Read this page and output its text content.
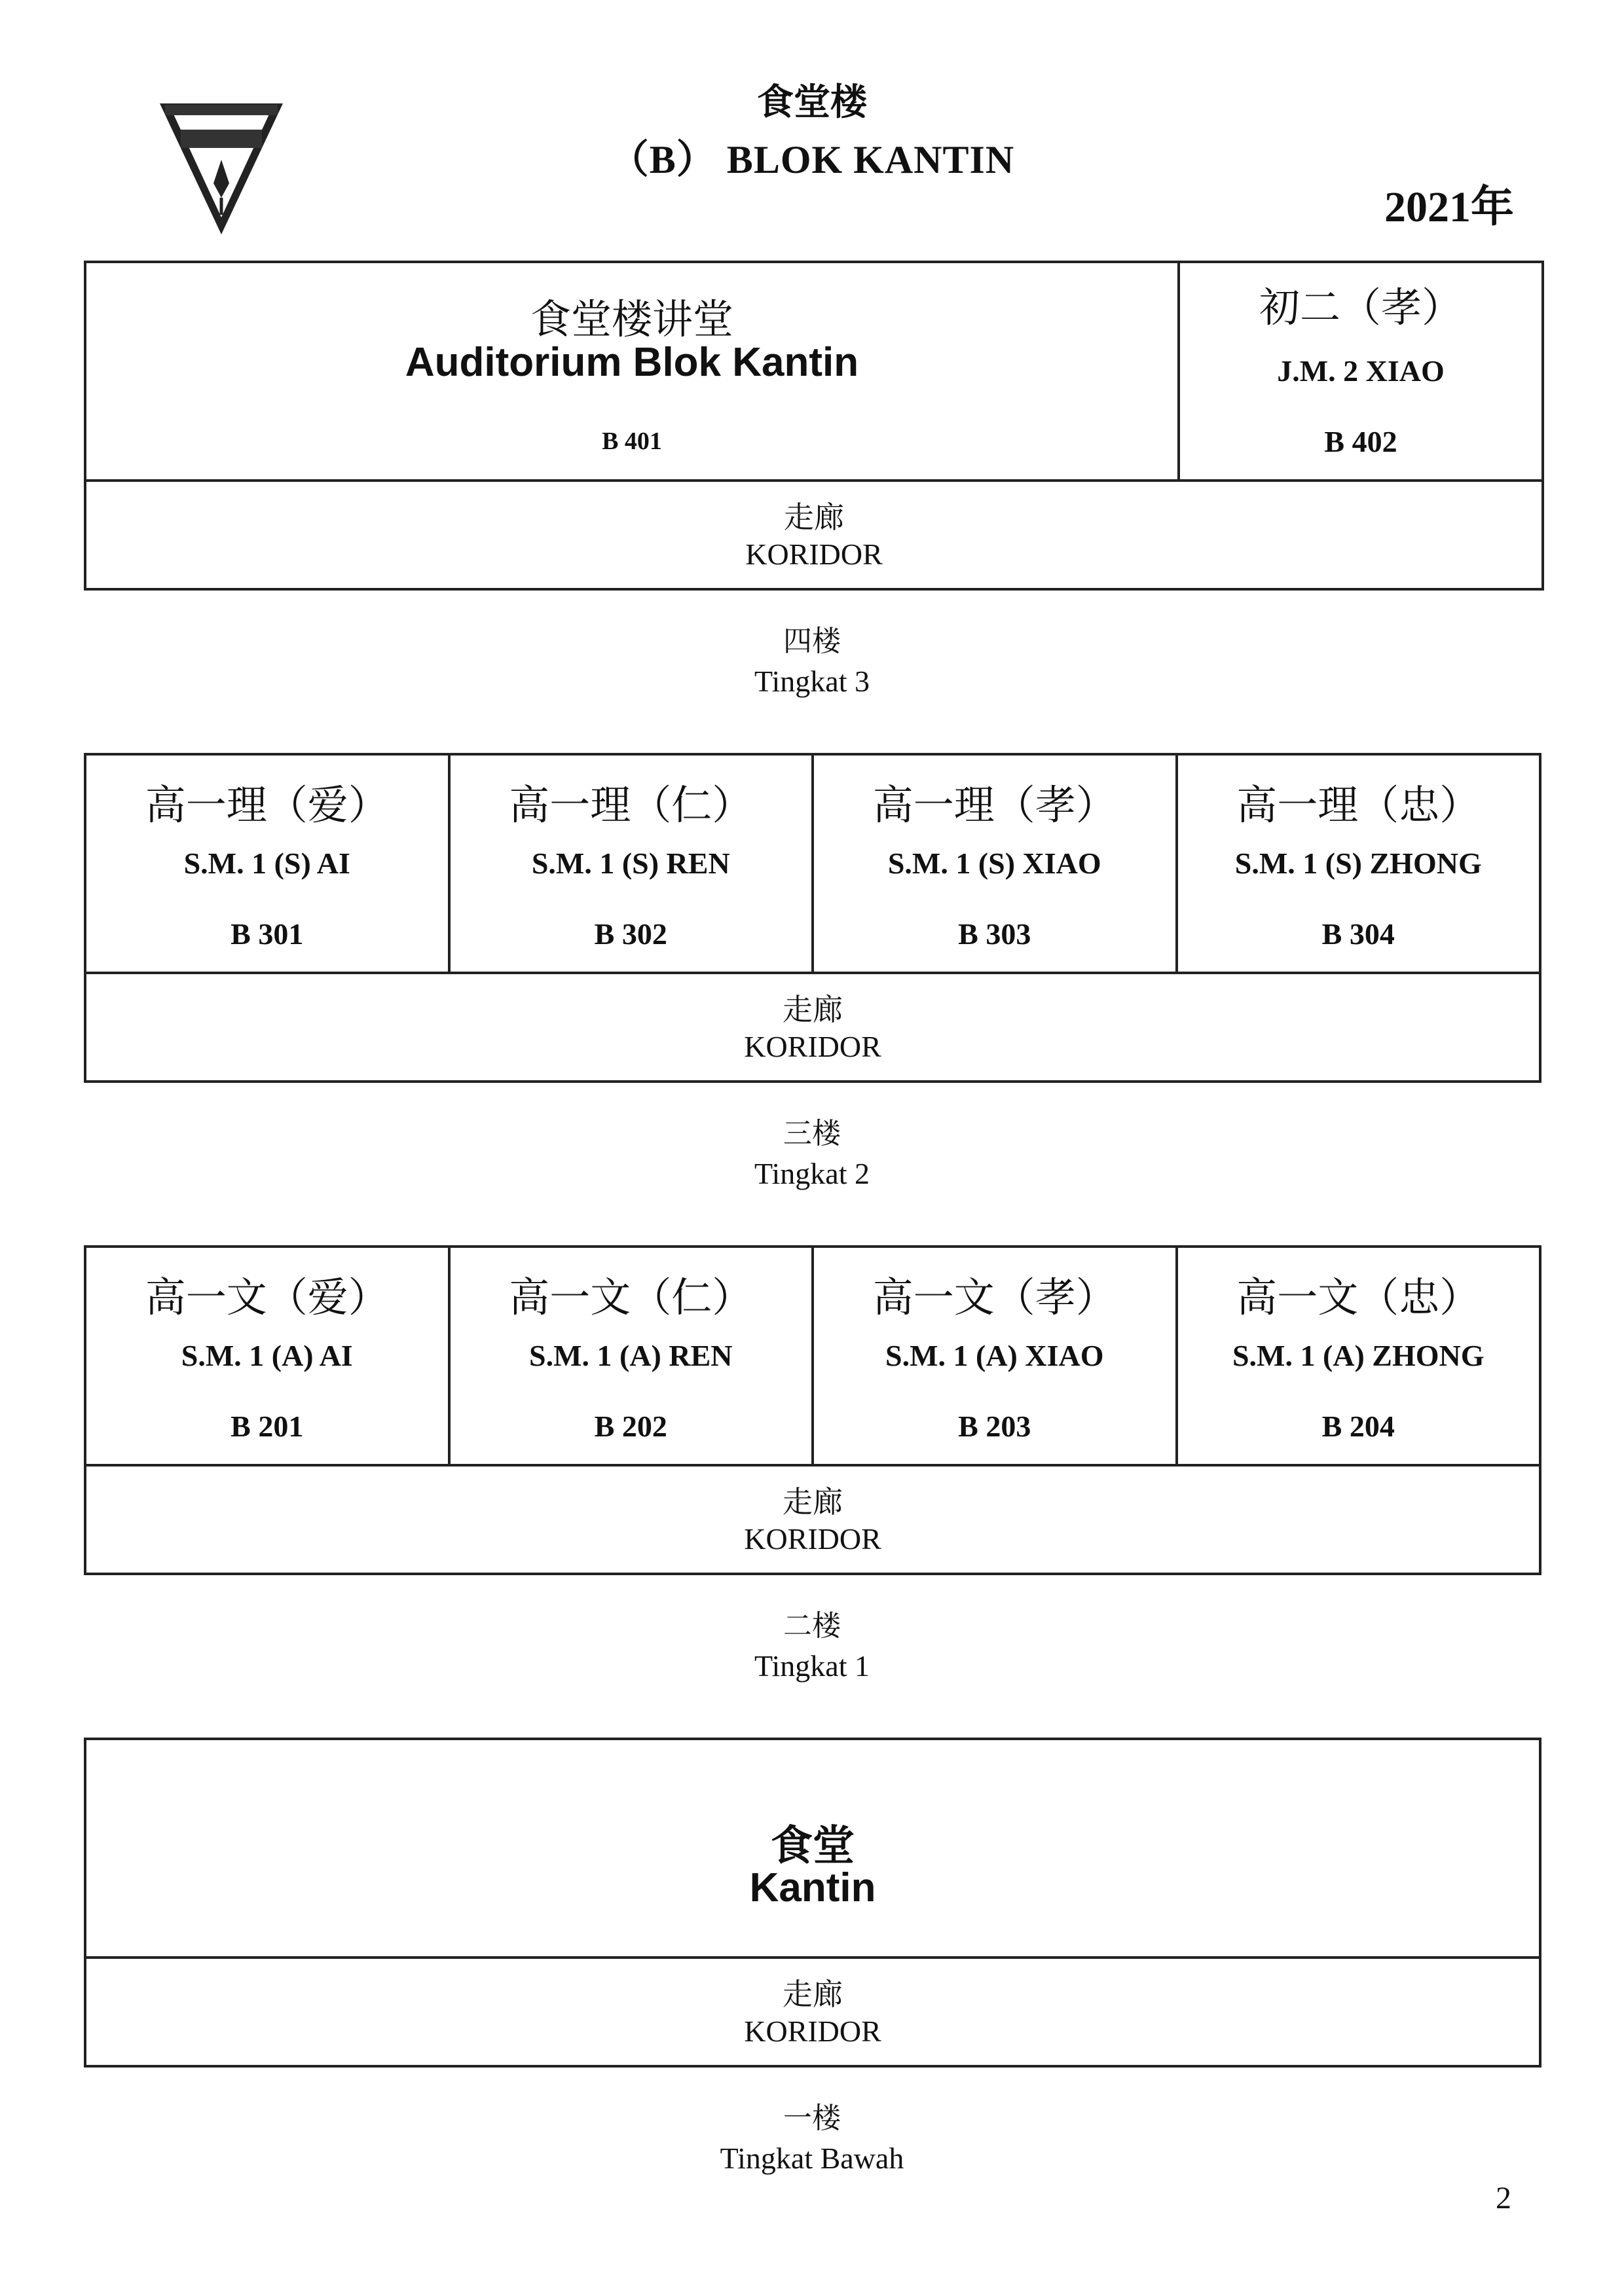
食堂楼
（B） BLOK KANTIN
2021年
食堂楼讲堂
Auditorium Blok Kantin
B 401

初二（孝）
J.M. 2 XIAO
B 402

走廊
KORIDOR
四楼
Tingkat 3
高一理（爱）
S.M. 1 (S) AI
B 301

高一理（仁）
S.M. 1 (S) REN
B 302

高一理（孝）
S.M. 1 (S) XIAO
B 303

高一理（忠）
S.M. 1 (S) ZHONG
B 304

走廊
KORIDOR
三楼
Tingkat 2
高一文（爱）
S.M. 1 (A) AI
B 201

高一文（仁）
S.M. 1 (A) REN
B 202

高一文（孝）
S.M. 1 (A) XIAO
B 203

高一文（忠）
S.M. 1 (A) ZHONG
B 204

走廊
KORIDOR
二楼
Tingkat 1
食堂
Kantin

走廊
KORIDOR
一楼
Tingkat Bawah
2
